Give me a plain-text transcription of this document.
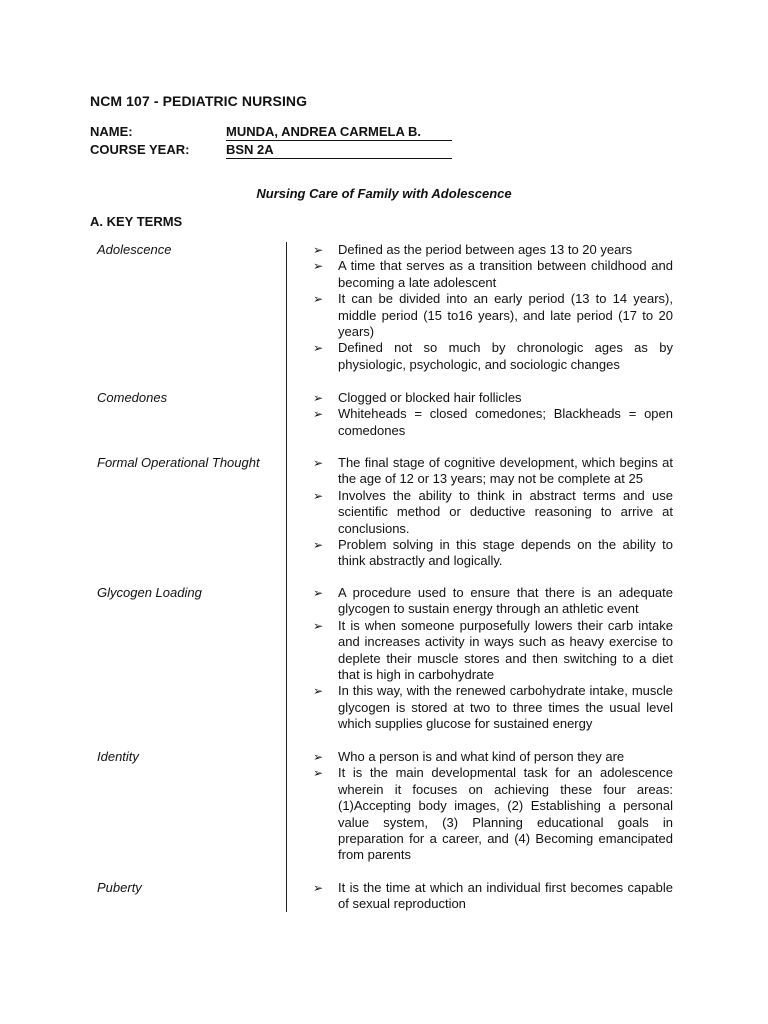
NCM 107 - PEDIATRIC NURSING
NAME:	MUNDA, ANDREA CARMELA B.
COURSE YEAR:	BSN 2A
Nursing Care of Family with Adolescence
A. KEY TERMS
Adolescence	➢ Defined as the period between ages 13 to 20 years
➢ A time that serves as a transition between childhood and becoming a late adolescent
➢ It can be divided into an early period (13 to 14 years), middle period (15 to16 years), and late period (17 to 20 years)
➢ Defined not so much by chronologic ages as by physiologic, psychologic, and sociologic changes
Comedones	➢ Clogged or blocked hair follicles
➢ Whiteheads = closed comedones; Blackheads = open comedones
Formal Operational Thought	➢ The final stage of cognitive development, which begins at the age of 12 or 13 years; may not be complete at 25
➢ Involves the ability to think in abstract terms and use scientific method or deductive reasoning to arrive at conclusions.
➢ Problem solving in this stage depends on the ability to think abstractly and logically.
Glycogen Loading	➢ A procedure used to ensure that there is an adequate glycogen to sustain energy through an athletic event
➢ It is when someone purposefully lowers their carb intake and increases activity in ways such as heavy exercise to deplete their muscle stores and then switching to a diet that is high in carbohydrate
➢ In this way, with the renewed carbohydrate intake, muscle glycogen is stored at two to three times the usual level which supplies glucose for sustained energy
Identity	➢ Who a person is and what kind of person they are
➢ It is the main developmental task for an adolescence wherein it focuses on achieving these four areas: (1)Accepting body images, (2) Establishing a personal value system, (3) Planning educational goals in preparation for a career, and (4) Becoming emancipated from parents
Puberty	➢ It is the time at which an individual first becomes capable of sexual reproduction
